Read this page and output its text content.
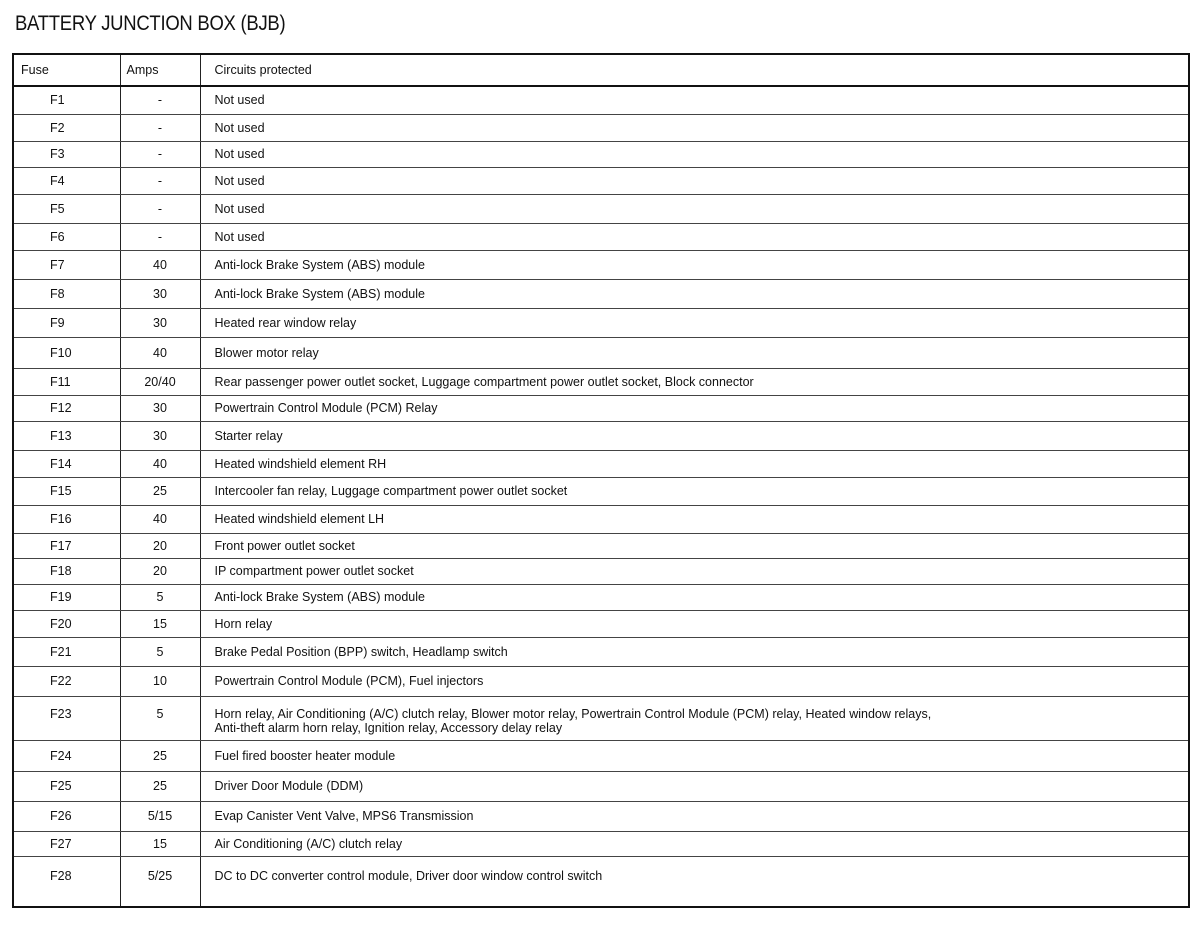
BATTERY JUNCTION BOX (BJB)
Fuse	Amps	Circuits protected
F1	-	Not used

F2	-	Not used

F3	-	Not used

F4	-	Not used

F5	-	Not used

F6	-	Not used

F7	40	Anti-lock Brake System (ABS) module

F8	30	Anti-lock Brake System (ABS) module

F9	30	Heated rear window relay

F10	40	Blower motor relay

F11	20/40	Rear passenger power outlet socket, Luggage compartment power outlet socket, Block connector

F12	30	Powertrain Control Module (PCM) Relay

F13	30	Starter relay

F14	40	Heated windshield element RH

F15	25	Intercooler fan relay, Luggage compartment power outlet socket

F16	40	Heated windshield element LH

F17	20	Front power outlet socket

F18	20	IP compartment power outlet socket

F19	5	Anti-lock Brake System (ABS) module

F20	15	Horn relay

F21	5	Brake Pedal Position (BPP) switch, Headlamp switch

F22	10	Powertrain Control Module (PCM), Fuel injectors

F23	5	Horn relay, Air Conditioning (A/C) clutch relay, Blower motor relay, Powertrain Control Module (PCM) relay, Heated window relays,
Anti-theft alarm horn relay, Ignition relay, Accessory delay relay

F24	25	Fuel fired booster heater module

F25	25	Driver Door Module (DDM)

F26	5/15	Evap Canister Vent Valve, MPS6 Transmission

F27	15	Air Conditioning (A/C) clutch relay

F28	5/25	DC to DC converter control module, Driver door window control switch
